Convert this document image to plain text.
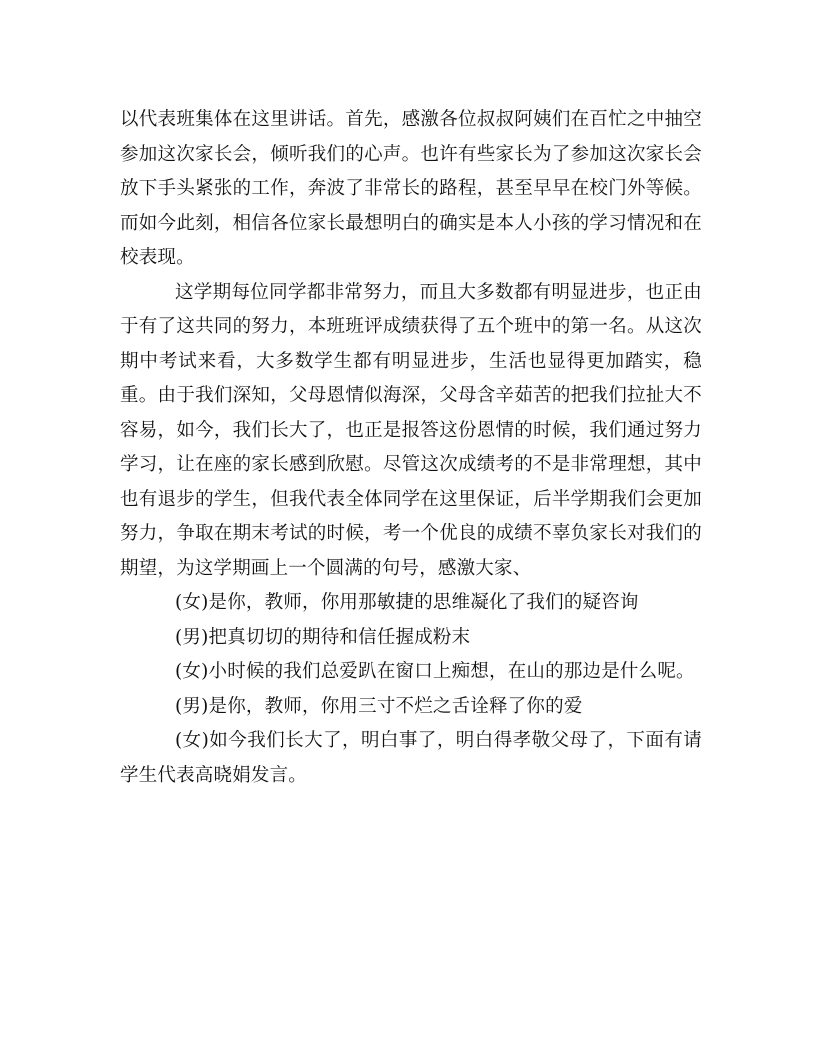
以代表班集体在这里讲话。首先，感激各位叔叔阿姨们在百忙之中抽空参加这次家长会，倾听我们的心声。也许有些家长为了参加这次家长会放下手头紧张的工作，奔波了非常长的路程，甚至早早在校门外等候。而如今此刻，相信各位家长最想明白的确实是本人小孩的学习情况和在校表现。

这学期每位同学都非常努力，而且大多数都有明显进步，也正由于有了这共同的努力，本班班评成绩获得了五个班中的第一名。从这次期中考试来看，大多数学生都有明显进步，生活也显得更加踏实，稳重。由于我们深知，父母恩情似海深，父母含辛茹苦的把我们拉扯大不容易，如今，我们长大了，也正是报答这份恩情的时候，我们通过努力学习，让在座的家长感到欣慰。尽管这次成绩考的不是非常理想，其中也有退步的学生，但我代表全体同学在这里保证，后半学期我们会更加努力，争取在期末考试的时候，考一个优良的成绩不辜负家长对我们的期望，为这学期画上一个圆满的句号，感激大家、

(女)是你，教师，你用那敏捷的思维凝化了我们的疑咨询

(男)把真切切的期待和信任握成粉末

(女)小时候的我们总爱趴在窗口上痴想，在山的那边是什么呢。

(男)是你，教师，你用三寸不烂之舌诠释了你的爱

(女)如今我们长大了，明白事了，明白得孝敬父母了，下面有请学生代表高晓娟发言。
